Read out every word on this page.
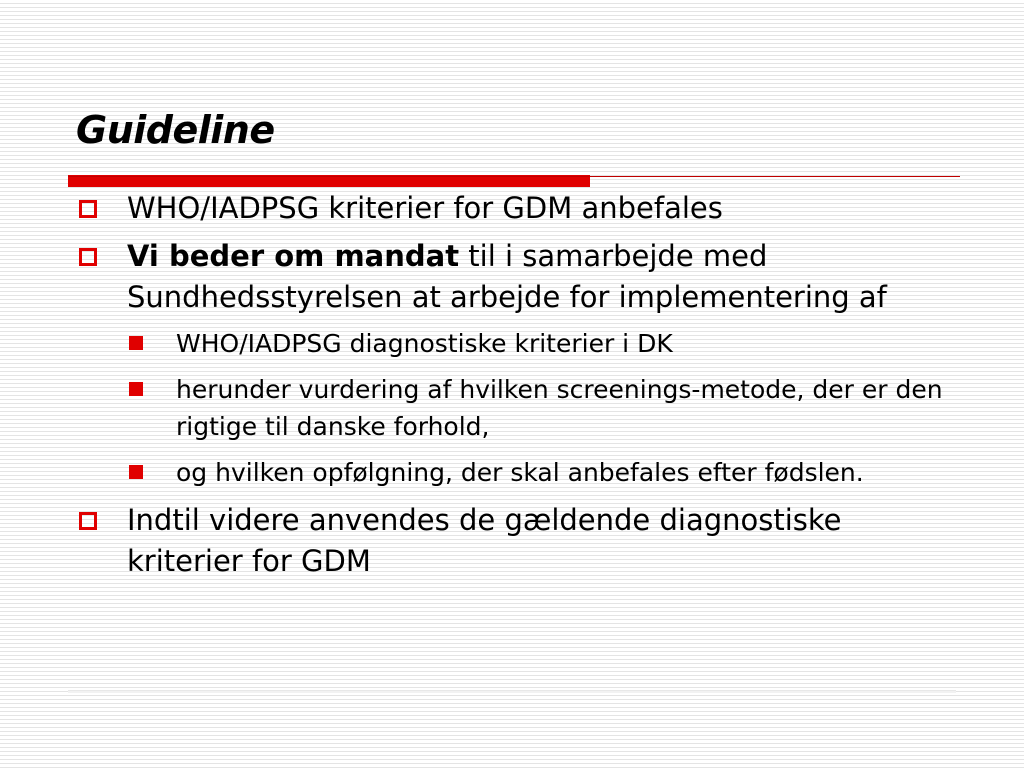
Guideline
WHO/IADPSG kriterier for GDM anbefales
Vi beder om mandat til i samarbejde med Sundhedsstyrelsen at arbejde for implementering af
WHO/IADPSG diagnostiske kriterier i DK
herunder vurdering af hvilken screenings-metode, der er den rigtige til danske forhold,
og hvilken opfølgning, der skal anbefales efter fødslen.
Indtil videre anvendes de gældende diagnostiske kriterier for GDM
